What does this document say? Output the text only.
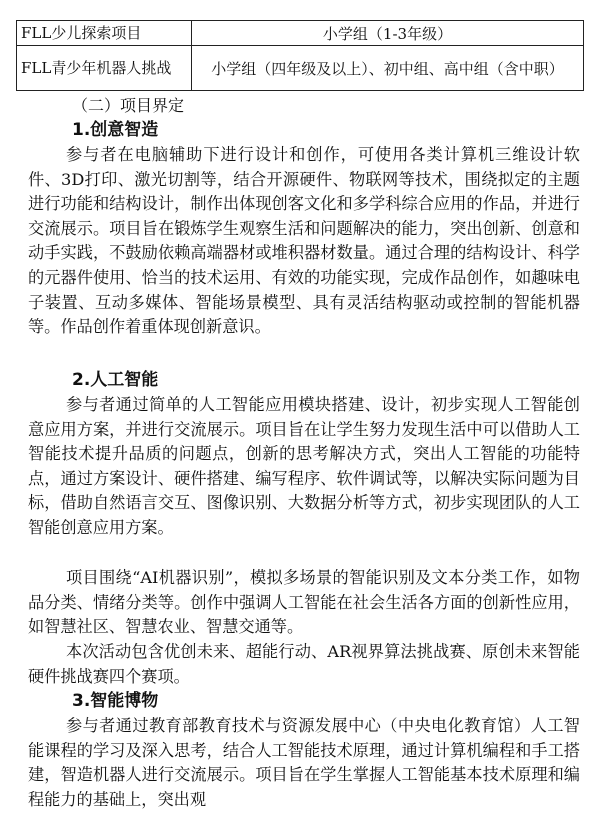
FLL少儿探索项目	小学组（1-3年级）
FLL青少年机器人挑战	小学组（四年级及以上）、初中组、高中组（含中职）
（二）项目界定
1.创意智造

参与者在电脑辅助下进行设计和创作，可使用各类计算机三维设计软件、3D打印、激光切割等，结合开源硬件、物联网等技术，围绕拟定的主题进行功能和结构设计，制作出体现创客文化和多学科综合应用的作品，并进行交流展示。项目旨在锻炼学生观察生活和问题解决的能力，突出创新、创意和动手实践，不鼓励依赖高端器材或堆积器材数量。通过合理的结构设计、科学的元器件使用、恰当的技术运用、有效的功能实现，完成作品创作，如趣味电子装置、互动多媒体、智能场景模型、具有灵活结构驱动或控制的智能机器等。作品创作着重体现创新意识。

2.人工智能

参与者通过简单的人工智能应用模块搭建、设计，初步实现人工智能创意应用方案，并进行交流展示。项目旨在让学生努力发现生活中可以借助人工智能技术提升品质的问题点，创新的思考解决方式，突出人工智能的功能特点，通过方案设计、硬件搭建、编写程序、软件调试等，以解决实际问题为目标，借助自然语言交互、图像识别、大数据分析等方式，初步实现团队的人工智能创意应用方案。

项目围绕“AI机器识别”，模拟多场景的智能识别及文本分类工作，如物品分类、情绪分类等。创作中强调人工智能在社会生活各方面的创新性应用，如智慧社区、智慧农业、智慧交通等。

本次活动包含优创未来、超能行动、AR视界算法挑战赛、原创未来智能硬件挑战赛四个赛项。

3.智能博物

参与者通过教育部教育技术与资源发展中心（中央电化教育馆）人工智能课程的学习及深入思考，结合人工智能技术原理，通过计算机编程和手工搭建，智造机器人进行交流展示。项目旨在学生掌握人工智能基本技术原理和编程能力的基础上，突出观
